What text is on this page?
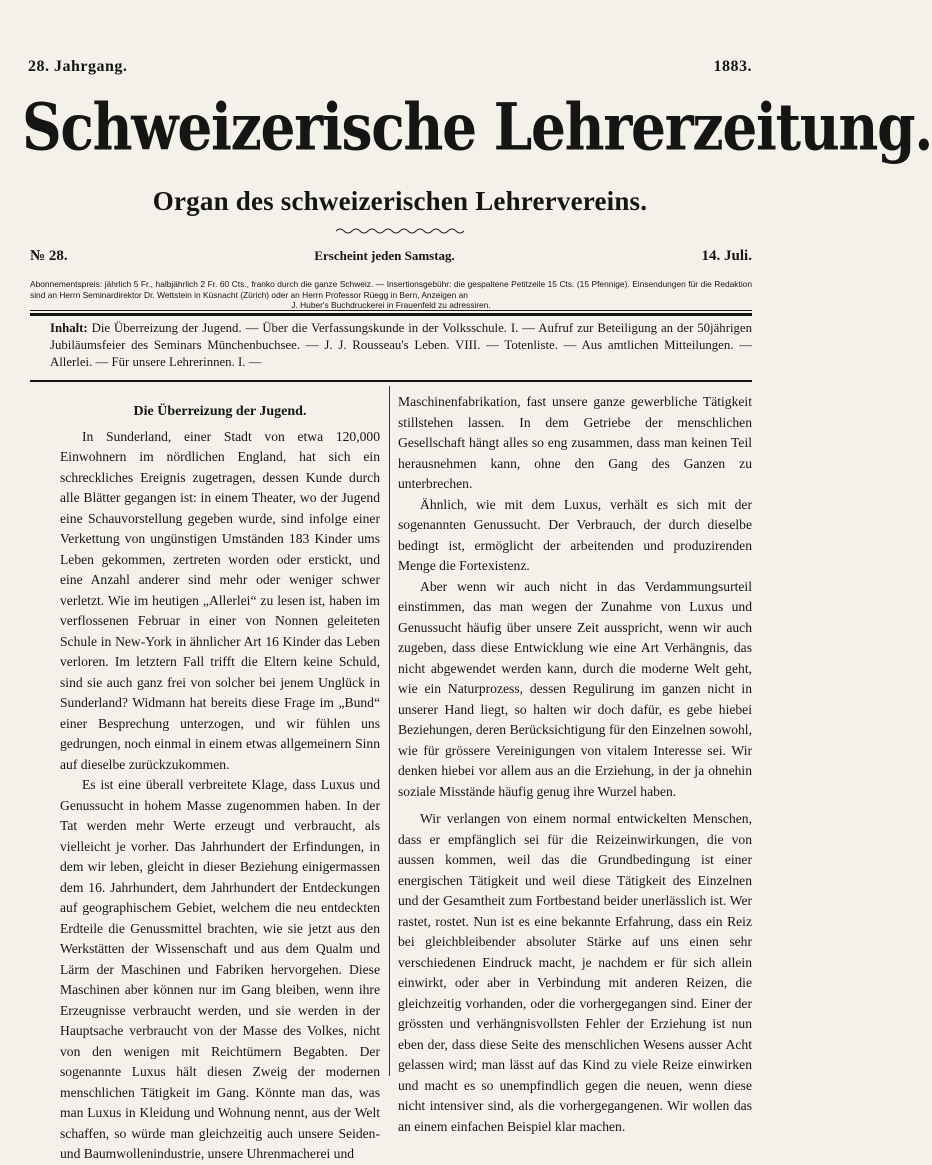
28. Jahrgang.	1883.
Schweizerische Lehrerzeitung.
Organ des schweizerischen Lehrervereins.
№ 28.	Erscheint jeden Samstag.	14. Juli.
Abonnementspreis: jährlich 5 Fr., halbjährlich 2 Fr. 60 Cts., franko durch die ganze Schweiz. — Insertionsgebühr: die gespaltene Petitzeile 15 Cts. (15 Pfennige). Einsendungen für die Redaktion sind an Herrn Seminardirektor Dr. Wettstein in Küsnacht (Zürich) oder an Herrn Professor Rüegg in Bern, Anzeigen an
J. Huber's Buchdruckerei in Frauenfeld zu adressiren.
Inhalt: Die Überreizung der Jugend. — Über die Verfassungskunde in der Volksschule. I. — Aufruf zur Beteiligung an der 50jährigen Jubiläumsfeier des Seminars Münchenbuchsee. — J. J. Rousseau's Leben. VIII. — Totenliste. — Aus amtlichen Mitteilungen. — Allerlei. — Für unsere Lehrerinnen. I. —
Die Überreizung der Jugend.

In Sunderland, einer Stadt von etwa 120,000 Einwohnern im nördlichen England, hat sich ein schreckliches Ereignis zugetragen, dessen Kunde durch alle Blätter gegangen ist: in einem Theater, wo der Jugend eine Schauvorstellung gegeben wurde, sind infolge einer Verkettung von ungünstigen Umständen 183 Kinder ums Leben gekommen, zertreten worden oder erstickt, und eine Anzahl anderer sind mehr oder weniger schwer verletzt. Wie im heutigen „Allerlei“ zu lesen ist, haben im verflossenen Februar in einer von Nonnen geleiteten Schule in New-York in ähnlicher Art 16 Kinder das Leben verloren. Im letztern Fall trifft die Eltern keine Schuld, sind sie auch ganz frei von solcher bei jenem Unglück in Sunderland? Widmann hat bereits diese Frage im „Bund“ einer Besprechung unterzogen, und wir fühlen uns gedrungen, noch einmal in einem etwas allgemeinern Sinn auf dieselbe zurückzukommen.

Es ist eine überall verbreitete Klage, dass Luxus und Genussucht in hohem Masse zugenommen haben. In der Tat werden mehr Werte erzeugt und verbraucht, als vielleicht je vorher. Das Jahrhundert der Erfindungen, in dem wir leben, gleicht in dieser Beziehung einigermassen dem 16. Jahrhundert, dem Jahrhundert der Entdeckungen auf geographischem Gebiet, welchem die neu entdeckten Erdteile die Genussmittel brachten, wie sie jetzt aus den Werkstätten der Wissenschaft und aus dem Qualm und Lärm der Maschinen und Fabriken hervorgehen. Diese Maschinen aber können nur im Gang bleiben, wenn ihre Erzeugnisse verbraucht werden, und sie werden in der Hauptsache verbraucht von der Masse des Volkes, nicht von den wenigen mit Reichtümern Begabten. Der sogenannte Luxus hält diesen Zweig der modernen menschlichen Tätigkeit im Gang. Könnte man das, was man Luxus in Kleidung und Wohnung nennt, aus der Welt schaffen, so würde man gleichzeitig auch unsere Seiden- und Baumwollenindustrie, unsere Uhrenmacherei und

Maschinenfabrikation, fast unsere ganze gewerbliche Tätigkeit stillstehen lassen. In dem Getriebe der menschlichen Gesellschaft hängt alles so eng zusammen, dass man keinen Teil herausnehmen kann, ohne den Gang des Ganzen zu unterbrechen.

Ähnlich, wie mit dem Luxus, verhält es sich mit der sogenannten Genussucht. Der Verbrauch, der durch dieselbe bedingt ist, ermöglicht der arbeitenden und produzirenden Menge die Fortexistenz.

Aber wenn wir auch nicht in das Verdammungsurteil einstimmen, das man wegen der Zunahme von Luxus und Genussucht häufig über unsere Zeit ausspricht, wenn wir auch zugeben, dass diese Entwicklung wie eine Art Verhängnis, das nicht abgewendet werden kann, durch die moderne Welt geht, wie ein Naturprozess, dessen Regulirung im ganzen nicht in unserer Hand liegt, so halten wir doch dafür, es gebe hiebei Beziehungen, deren Berücksichtigung für den Einzelnen sowohl, wie für grössere Vereinigungen von vitalem Interesse sei. Wir denken hiebei vor allem aus an die Erziehung, in der ja ohnehin soziale Misstände häufig genug ihre Wurzel haben.

Wir verlangen von einem normal entwickelten Menschen, dass er empfänglich sei für die Reizeinwirkungen, die von aussen kommen, weil das die Grundbedingung ist einer energischen Tätigkeit und weil diese Tätigkeit des Einzelnen und der Gesamtheit zum Fortbestand beider unerlässlich ist. Wer rastet, rostet. Nun ist es eine bekannte Erfahrung, dass ein Reiz bei gleichbleibender absoluter Stärke auf uns einen sehr verschiedenen Eindruck macht, je nachdem er für sich allein einwirkt, oder aber in Verbindung mit anderen Reizen, die gleichzeitig vorhanden, oder die vorhergegangen sind. Einer der grössten und verhängnisvollsten Fehler der Erziehung ist nun eben der, dass diese Seite des menschlichen Wesens ausser Acht gelassen wird; man lässt auf das Kind zu viele Reize einwirken und macht es so unempfindlich gegen die neuen, wenn diese nicht intensiver sind, als die vorhergegangenen. Wir wollen das an einem einfachen Beispiel klar machen.
